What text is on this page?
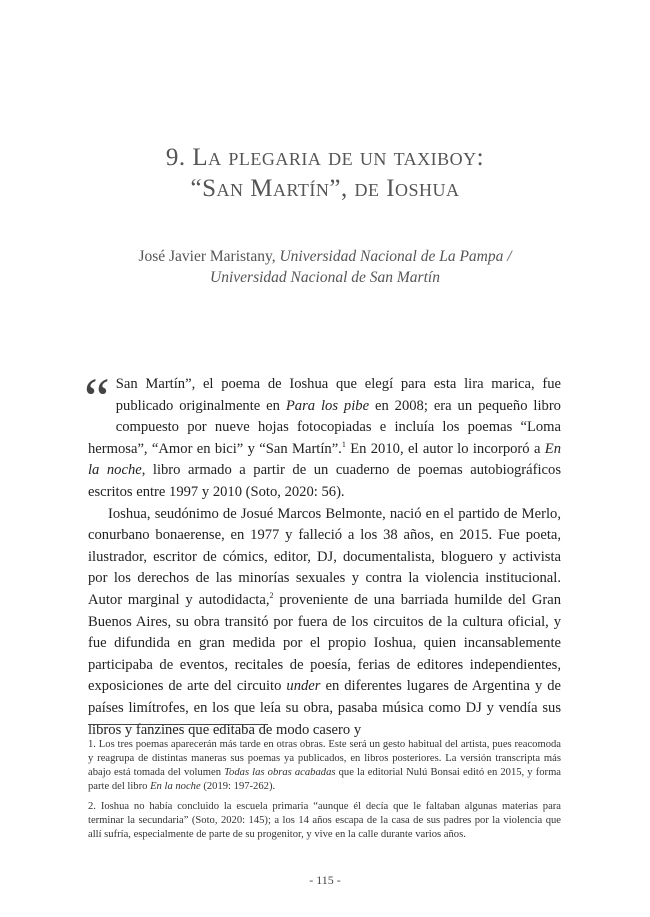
9. La plegaria de un taxiboy:
“San Martín”, de Ioshua
José Javier Maristany, Universidad Nacional de La Pampa /
Universidad Nacional de San Martín

“ San Martín”, el poema de Ioshua que elegí para esta lira marica, fue publicado originalmente en Para los pibe en 2008; era un pequeño libro compuesto por nueve hojas fotocopiadas e incluía los poemas “Loma hermosa”, “Amor en bici” y “San Martín”.$^1$ En 2010, el autor lo incorporó a En la noche, libro armado a partir de un cuaderno de poemas autobiográficos escritos entre 1997 y 2010 (Soto, 2020: 56).

Ioshua, seudónimo de Josué Marcos Belmonte, nació en el partido de Merlo, conurbano bonaerense, en 1977 y falleció a los 38 años, en 2015. Fue poeta, ilustrador, escritor de cómics, editor, DJ, documentalista, bloguero y activista por los derechos de las minorías sexuales y contra la violencia institucional. Autor marginal y autodidacta,$^2$ proveniente de una barriada humilde del Gran Buenos Aires, su obra transitó por fuera de los circuitos de la cultura oficial, y fue difundida en gran medida por el propio Ioshua, quien incansablemente participaba de eventos, recitales de poesía, ferias de editores independientes, exposiciones de arte del circuito under en diferentes lugares de Argentina y de países limítrofes, en los que leía su obra, pasaba música como DJ y vendía sus libros y fanzines que editaba de modo casero y

1. Los tres poemas aparecerán más tarde en otras obras. Este será un gesto habitual del artista, pues reacomoda y reagrupa de distintas maneras sus poemas ya publicados, en libros posteriores. La versión transcripta más abajo está tomada del volumen Todas las obras acabadas que la editorial Nulú Bonsai editó en 2015, y forma parte del libro En la noche (2019: 197-262).

2. Ioshua no había concluido la escuela primaria “aunque él decía que le faltaban algunas materias para terminar la secundaria” (Soto, 2020: 145); a los 14 años escapa de la casa de sus padres por la violencia que allí sufría, especialmente de parte de su progenitor, y vive en la calle durante varios años.

- 115 -
